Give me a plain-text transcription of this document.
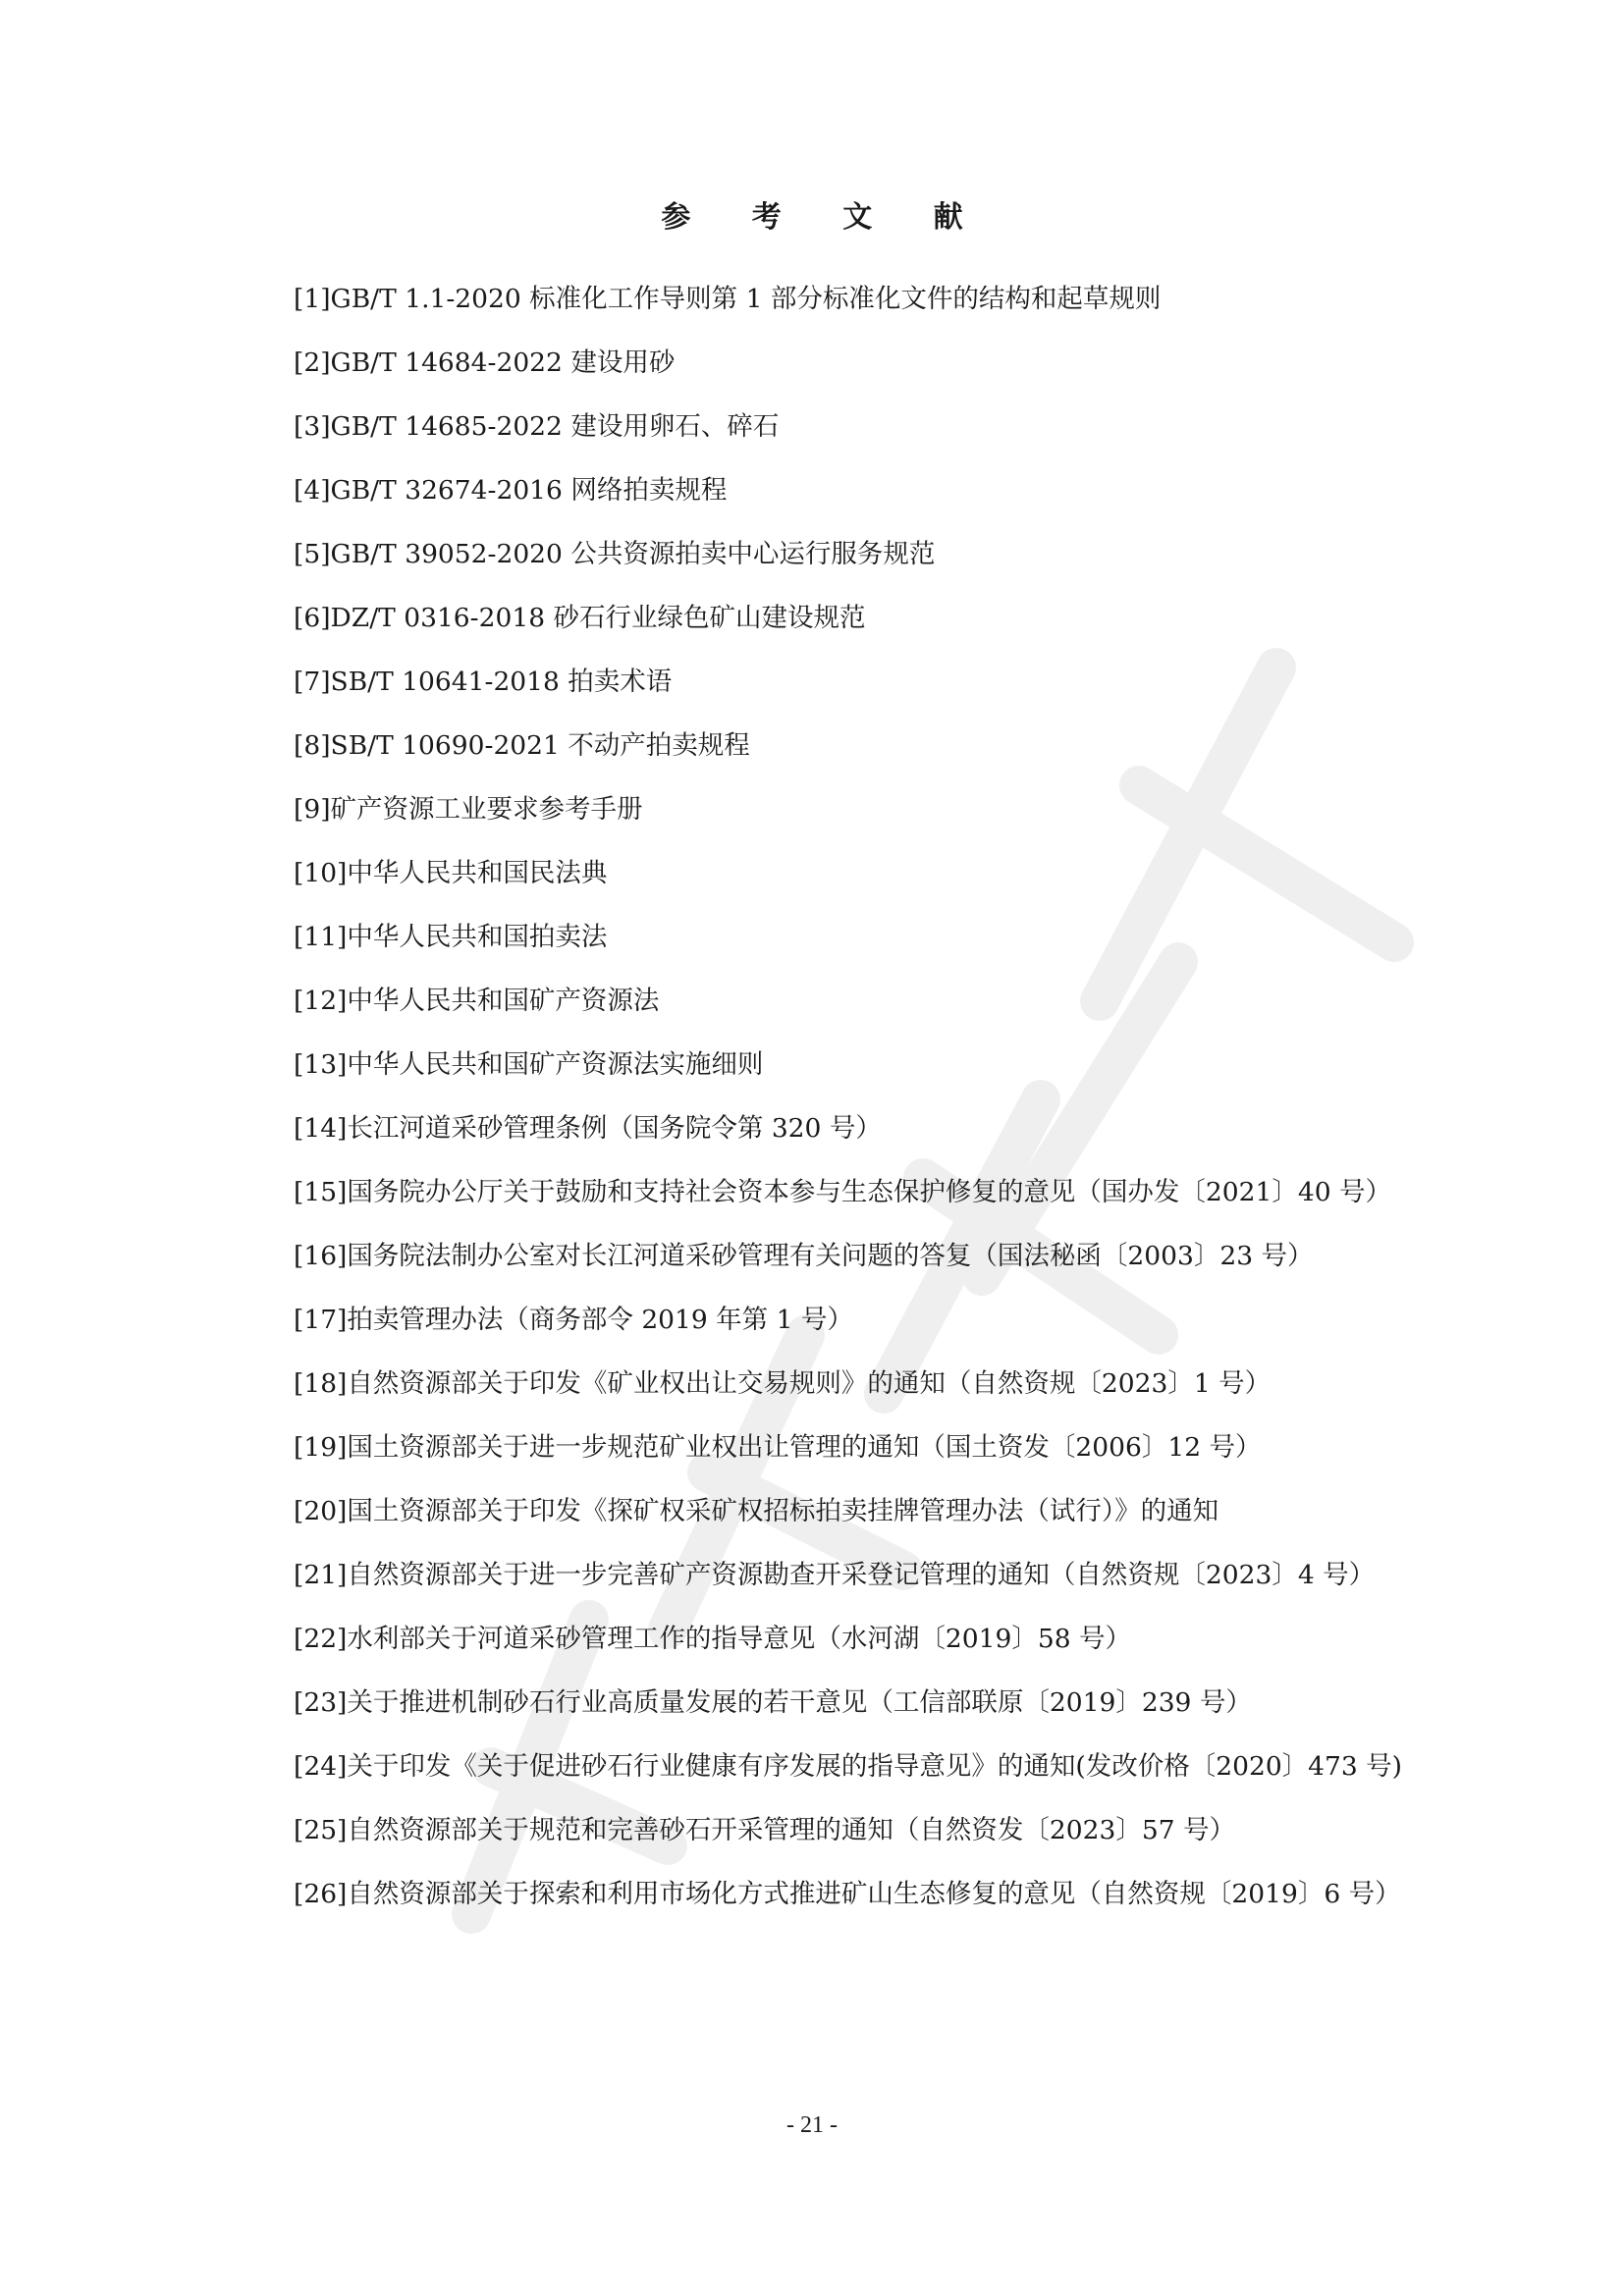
参 考 文 献

[1]GB/T 1.1-2020 标准化工作导则第 1 部分标准化文件的结构和起草规则

[2]GB/T 14684-2022 建设用砂

[3]GB/T 14685-2022 建设用卵石、碎石

[4]GB/T 32674-2016 网络拍卖规程

[5]GB/T 39052-2020 公共资源拍卖中心运行服务规范

[6]DZ/T 0316-2018 砂石行业绿色矿山建设规范

[7]SB/T 10641-2018 拍卖术语

[8]SB/T 10690-2021 不动产拍卖规程

[9]矿产资源工业要求参考手册

[10]中华人民共和国民法典

[11]中华人民共和国拍卖法

[12]中华人民共和国矿产资源法

[13]中华人民共和国矿产资源法实施细则

[14]长江河道采砂管理条例（国务院令第 320 号）

[15]国务院办公厅关于鼓励和支持社会资本参与生态保护修复的意见（国办发〔2021〕40 号）

[16]国务院法制办公室对长江河道采砂管理有关问题的答复（国法秘函〔2003〕23 号）

[17]拍卖管理办法（商务部令 2019 年第 1 号）

[18]自然资源部关于印发《矿业权出让交易规则》的通知（自然资规〔2023〕1 号）

[19]国土资源部关于进一步规范矿业权出让管理的通知（国土资发〔2006〕12 号）

[20]国土资源部关于印发《探矿权采矿权招标拍卖挂牌管理办法（试行）》的通知

[21]自然资源部关于进一步完善矿产资源勘查开采登记管理的通知（自然资规〔2023〕4 号）

[22]水利部关于河道采砂管理工作的指导意见（水河湖〔2019〕58 号）

[23]关于推进机制砂石行业高质量发展的若干意见（工信部联原〔2019〕239 号）

[24]关于印发《关于促进砂石行业健康有序发展的指导意见》的通知(发改价格〔2020〕473 号)

[25]自然资源部关于规范和完善砂石开采管理的通知（自然资发〔2023〕57 号）

[26]自然资源部关于探索和利用市场化方式推进矿山生态修复的意见（自然资规〔2019〕6 号）

- 21 -
